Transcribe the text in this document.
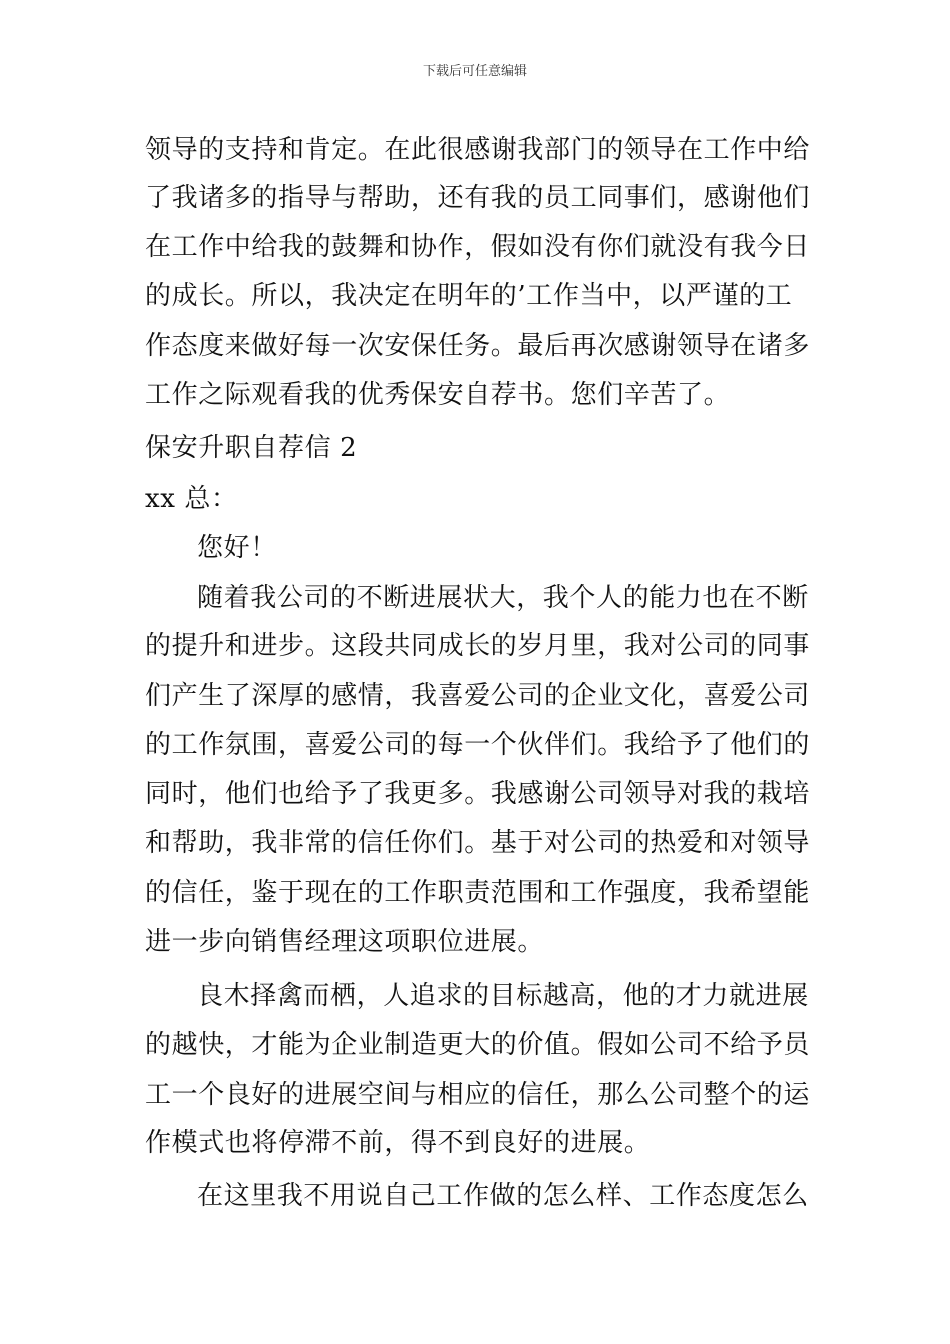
下载后可任意编辑
领导的支持和肯定。在此很感谢我部门的领导在工作中给
了我诸多的指导与帮助，还有我的员工同事们，感谢他们
在工作中给我的鼓舞和协作，假如没有你们就没有我今日
的成长。所以，我决定在明年的’工作当中，以严谨的工
作态度来做好每一次安保任务。最后再次感谢领导在诸多
工作之际观看我的优秀保安自荐书。您们辛苦了。
保安升职自荐信 2
xx 总：
您好！
随着我公司的不断进展状大，我个人的能力也在不断
的提升和进步。这段共同成长的岁月里，我对公司的同事
们产生了深厚的感情，我喜爱公司的企业文化，喜爱公司
的工作氛围，喜爱公司的每一个伙伴们。我给予了他们的
同时，他们也给予了我更多。我感谢公司领导对我的栽培
和帮助，我非常的信任你们。基于对公司的热爱和对领导
的信任，鉴于现在的工作职责范围和工作强度，我希望能
进一步向销售经理这项职位进展。
良木择禽而栖，人追求的目标越高，他的才力就进展
的越快，才能为企业制造更大的价值。假如公司不给予员
工一个良好的进展空间与相应的信任，那么公司整个的运
作模式也将停滞不前，得不到良好的进展。
在这里我不用说自己工作做的怎么样、工作态度怎么
